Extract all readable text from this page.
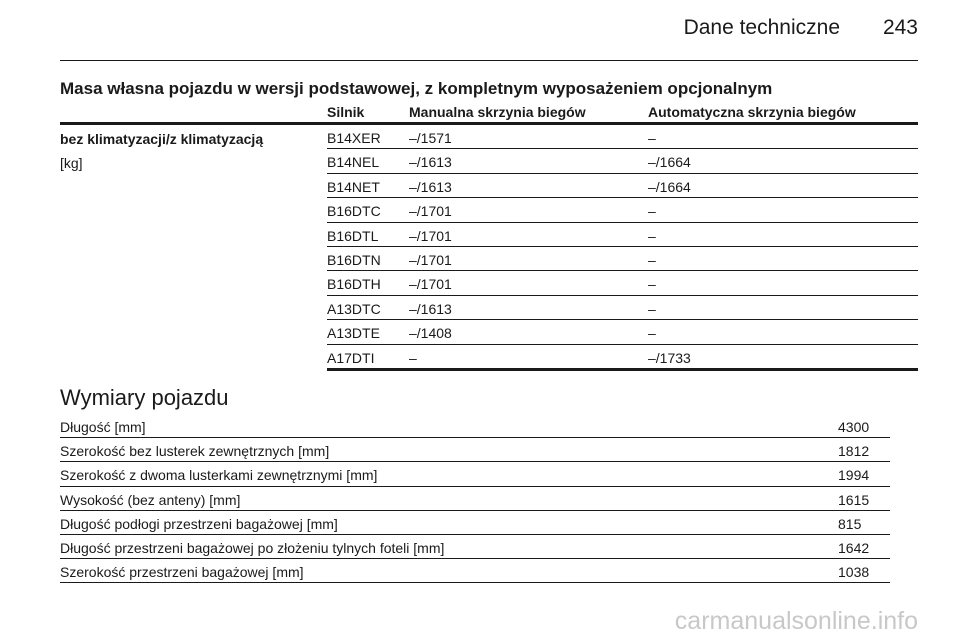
Dane techniczne 243
Masa własna pojazdu w wersji podstawowej, z kompletnym wyposażeniem opcjonalnym
Silnik	Manualna skrzynia biegów	Automatyczna skrzynia biegów
bez klimatyzacji/z klimatyzacją
[kg]
B14XER –/1571	–
B14NEL –/1613	–/1664
B14NET –/1613	–/1664
B16DTC –/1701	–
B16DTL –/1701	–
B16DTN –/1701	–
B16DTH –/1701	–
A13DTC –/1613	–
A13DTE –/1408	–
A17DTI –	–/1733
Wymiary pojazdu
Długość [mm]	4300
Szerokość bez lusterek zewnętrznych [mm]	1812
Szerokość z dwoma lusterkami zewnętrznymi [mm]	1994
Wysokość (bez anteny) [mm]	1615
Długość podłogi przestrzeni bagażowej [mm]	815
Długość przestrzeni bagażowej po złożeniu tylnych foteli [mm]	1642
Szerokość przestrzeni bagażowej [mm]	1038
carmanualsonline.info
